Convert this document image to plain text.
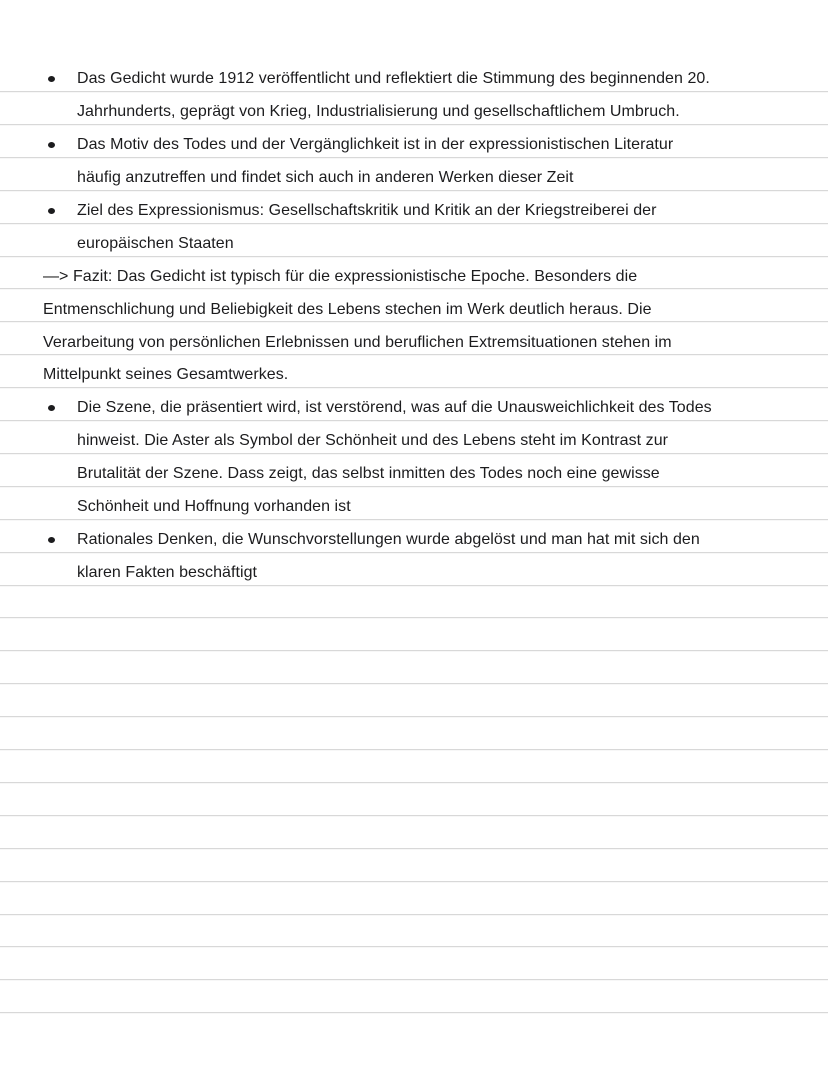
Das Gedicht wurde 1912 veröffentlicht und reflektiert die Stimmung des beginnenden 20.
Jahrhunderts, geprägt von Krieg, Industrialisierung und gesellschaftlichem Umbruch.
Das Motiv des Todes und der Vergänglichkeit ist in der expressionistischen Literatur
häufig anzutreffen und findet sich auch in anderen Werken dieser Zeit
Ziel des Expressionismus: Gesellschaftskritik und Kritik an der Kriegstreiberei der
europäischen Staaten
—> Fazit: Das Gedicht ist typisch für die expressionistische Epoche. Besonders die
Entmenschlichung und Beliebigkeit des Lebens stechen im Werk deutlich heraus. Die
Verarbeitung von persönlichen Erlebnissen und beruflichen Extremsituationen stehen im
Mittelpunkt seines Gesamtwerkes.
Die Szene, die präsentiert wird, ist verstörend, was auf die Unausweichlichkeit des Todes
hinweist. Die Aster als Symbol der Schönheit und des Lebens steht im Kontrast zur
Brutalität der Szene. Dass zeigt, das selbst inmitten des Todes noch eine gewisse
Schönheit und Hoffnung vorhanden ist
Rationales Denken, die Wunschvorstellungen wurde abgelöst und man hat mit sich den
klaren Fakten beschäftigt
